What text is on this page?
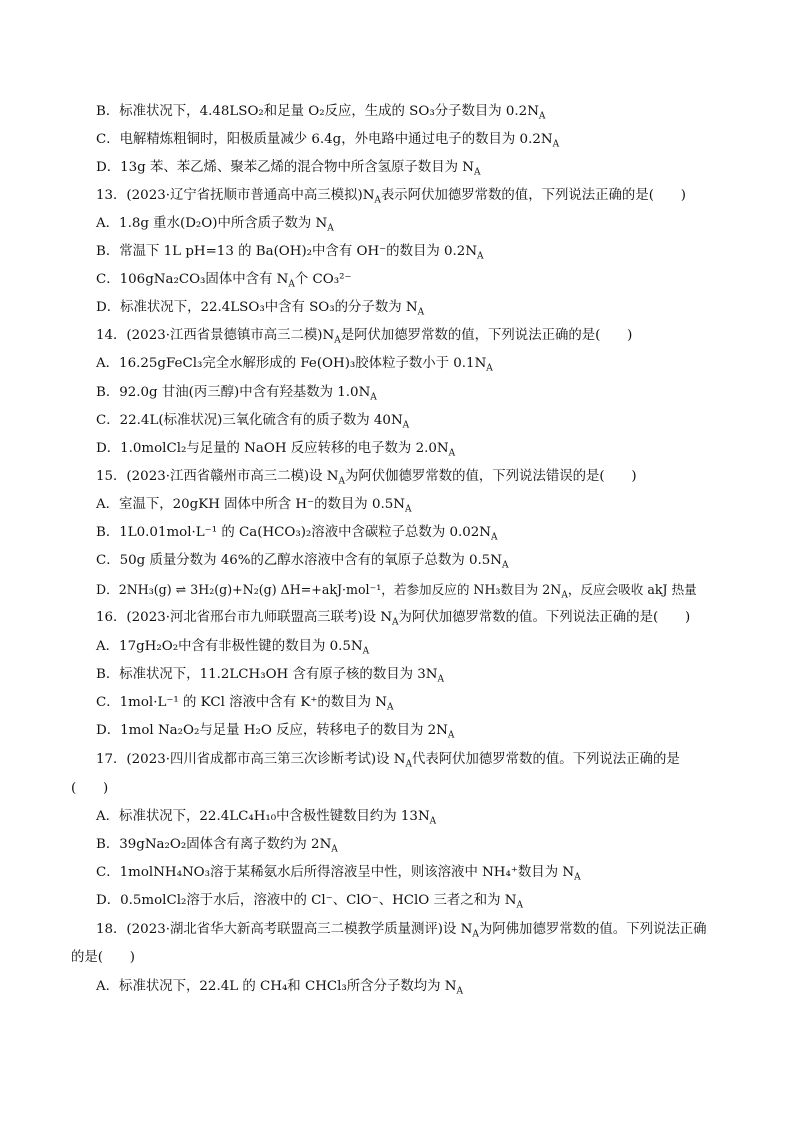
B．标准状况下，4.48LSO₂和足量 O₂反应，生成的 SO₃分子数目为 $0.2N_A$
C．电解精炼粗铜时，阳极质量减少 6.4g，外电路中通过电子的数目为 $0.2N_A$
D．13g 苯、苯乙烯、聚苯乙烯的混合物中所含氢原子数目为 $N_A$
13．(2023·辽宁省抚顺市普通高中高三模拟)$N_A$表示阿伏加德罗常数的值，下列说法正确的是(　　)
A．1.8g 重水(D₂O)中所含质子数为 $N_A$
B．常温下 1L pH=13 的 Ba(OH)₂中含有 OH⁻的数目为 $0.2N_A$
C．106gNa₂CO₃固体中含有 $N_A$个 CO₃²⁻
D．标准状况下，22.4LSO₃中含有 SO₃的分子数为 $N_A$
14．(2023·江西省景德镇市高三二模)$N_A$是阿伏加德罗常数的值，下列说法正确的是(　　)
A．16.25gFeCl₃完全水解形成的 Fe(OH)₃胶体粒子数小于 $0.1N_A$
B．92.0g 甘油(丙三醇)中含有羟基数为 $1.0N_A$
C．22.4L(标准状况)三氧化硫含有的质子数为 $40N_A$
D．1.0molCl₂与足量的 NaOH 反应转移的电子数为 $2.0N_A$
15．(2023·江西省赣州市高三二模)设 $N_A$为阿伏伽德罗常数的值，下列说法错误的是(　　)
A．室温下，20gKH 固体中所含 H⁻的数目为 $0.5N_A$
B．1L0.01mol·L⁻¹ 的 Ca(HCO₃)₂溶液中含碳粒子总数为 $0.02N_A$
C．50g 质量分数为 46%的乙醇水溶液中含有的氧原子总数为 $0.5N_A$
D．2NH₃(g) ⇌ 3H₂(g)+N₂(g) ΔH=+akJ·mol⁻¹，若参加反应的 NH₃数目为 $2N_A$，反应会吸收 akJ 热量
16．(2023·河北省邢台市九师联盟高三联考)设 $N_A$为阿伏加德罗常数的值。下列说法正确的是(　　)
A．17gH₂O₂中含有非极性键的数目为 $0.5N_A$
B．标准状况下，11.2LCH₃OH 含有原子核的数目为 $3N_A$
C．1mol·L⁻¹ 的 KCl 溶液中含有 K⁺的数目为 $N_A$
D．1mol Na₂O₂与足量 H₂O 反应，转移电子的数目为 $2N_A$
17．(2023·四川省成都市高三第三次诊断考试)设 $N_A$代表阿伏加德罗常数的值。下列说法正确的是
(　　)
A．标准状况下，22.4LC₄H₁₀中含极性键数目约为 $13N_A$
B．39gNa₂O₂固体含有离子数约为 $2N_A$
C．1molNH₄NO₃溶于某稀氨水后所得溶液呈中性，则该溶液中 NH₄⁺数目为 $N_A$
D．0.5molCl₂溶于水后，溶液中的 Cl⁻、ClO⁻、HClO 三者之和为 $N_A$
18．(2023·湖北省华大新高考联盟高三二模教学质量测评)设 $N_A$为阿佛加德罗常数的值。下列说法正确
的是(　　)
A．标准状况下，22.4L 的 CH₄和 CHCl₃所含分子数均为 $N_A$
